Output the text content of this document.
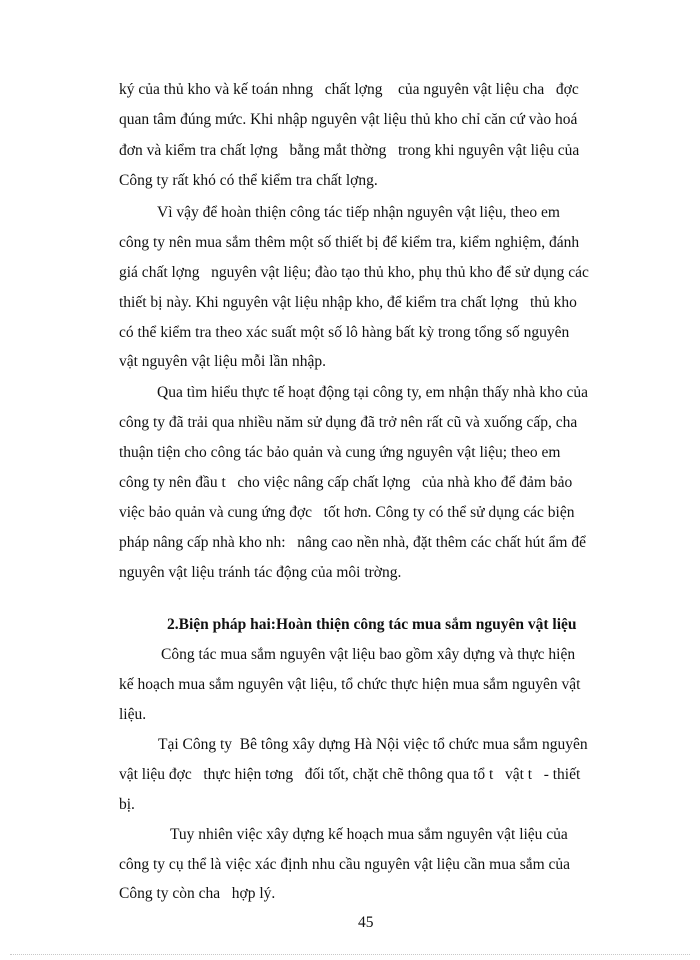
ký của thủ kho và kế toán nhng   chất lợng    của nguyên vật liệu cha   đợc
quan tâm đúng mức. Khi nhập nguyên vật liệu thủ kho chỉ căn cứ vào hoá
đơn và kiểm tra chất lợng   bằng mắt thờng   trong khi nguyên vật liệu của
Công ty rất khó có thể kiểm tra chất lợng.
Vì vậy để hoàn thiện công tác tiếp nhận nguyên vật liệu, theo em
công ty nên mua sắm thêm một số thiết bị để kiểm tra, kiểm nghiệm, đánh
giá chất lợng   nguyên vật liệu; đào tạo thủ kho, phụ thủ kho để sử dụng các
thiết bị này. Khi nguyên vật liệu nhập kho, để kiểm tra chất lợng   thủ kho
có thể kiểm tra theo xác suất một số lô hàng bất kỳ trong tổng số nguyên
vật nguyên vật liệu mỗi lần nhập.
Qua tìm hiểu thực tế hoạt động tại công ty, em nhận thấy nhà kho của
công ty đã trải qua nhiều năm sử dụng đã trở nên rất cũ và xuống cấp, cha
thuận tiện cho công tác bảo quản và cung ứng nguyên vật liệu; theo em
công ty nên đầu t   cho việc nâng cấp chất lợng   của nhà kho để đảm bảo
việc bảo quản và cung ứng đợc   tốt hơn. Công ty có thể sử dụng các biện
pháp nâng cấp nhà kho nh:   nâng cao nền nhà, đặt thêm các chất hút ẩm để
nguyên vật liệu tránh tác động của môi trờng.
2.Biện pháp hai:Hoàn thiện công tác mua sắm nguyên vật liệu
Công tác mua sắm nguyên vật liệu bao gồm xây dựng và thực hiện
kế hoạch mua sắm nguyên vật liệu, tổ chức thực hiện mua sắm nguyên vật
liệu.
Tại Công ty  Bê tông xây dựng Hà Nội việc tổ chức mua sắm nguyên
vật liệu đợc   thực hiện tơng   đối tốt, chặt chẽ thông qua tổ t   vật t   - thiết
bị.
Tuy nhiên việc xây dựng kế hoạch mua sắm nguyên vật liệu của
công ty cụ thể là việc xác định nhu cầu nguyên vật liệu cần mua sắm của
Công ty còn cha   hợp lý.
45
